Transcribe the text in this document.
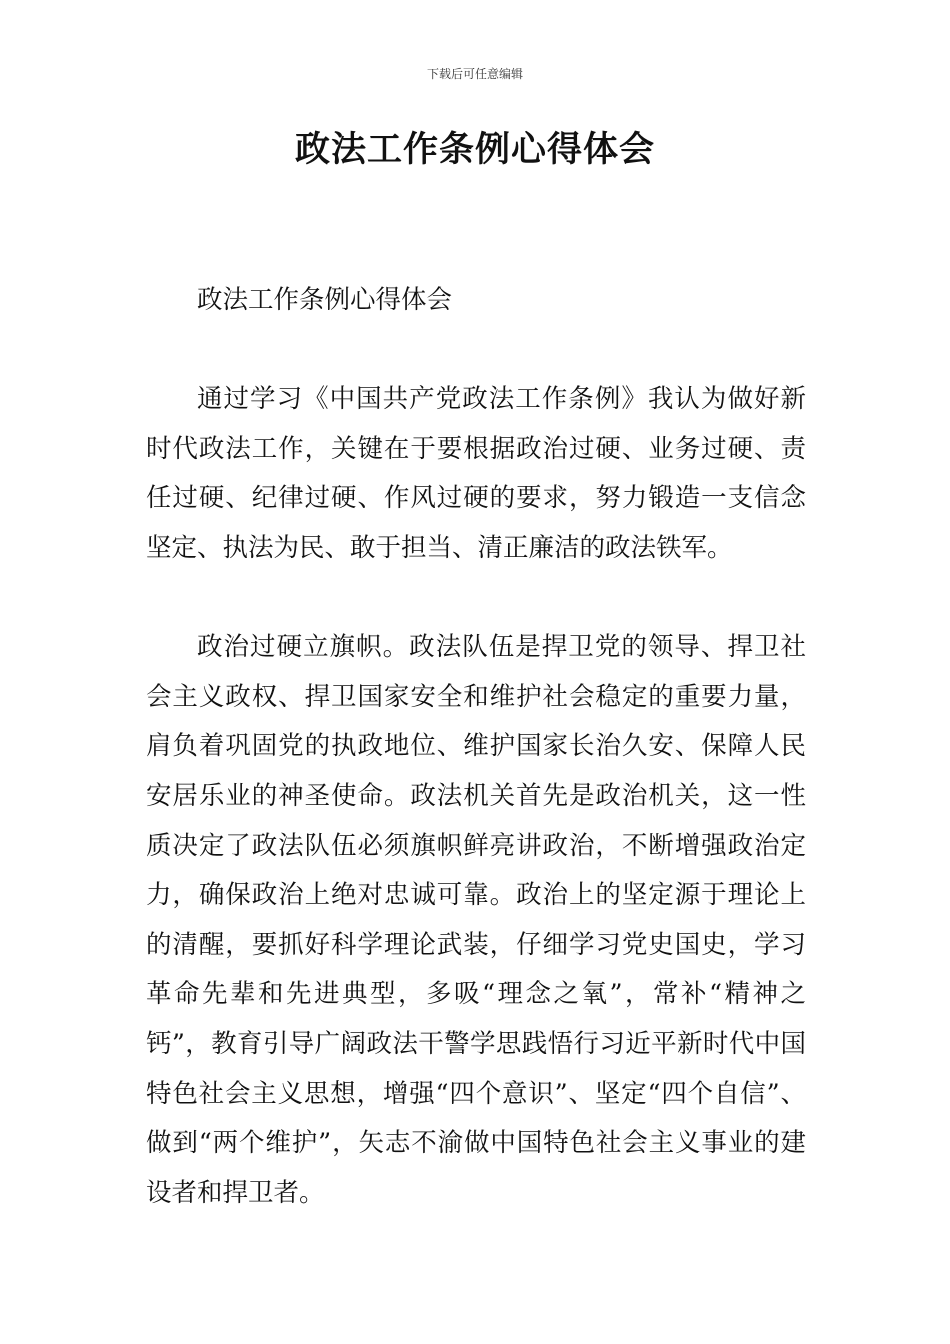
下载后可任意编辑
政法工作条例心得体会

政法工作条例心得体会

通过学习《中国共产党政法工作条例》我认为做好新时代政法工作，关键在于要根据政治过硬、业务过硬、责任过硬、纪律过硬、作风过硬的要求，努力锻造一支信念坚定、执法为民、敢于担当、清正廉洁的政法铁军。

政治过硬立旗帜。政法队伍是捍卫党的领导、捍卫社会主义政权、捍卫国家安全和维护社会稳定的重要力量，肩负着巩固党的执政地位、维护国家长治久安、保障人民安居乐业的神圣使命。政法机关首先是政治机关，这一性质决定了政法队伍必须旗帜鲜亮讲政治，不断增强政治定力，确保政治上绝对忠诚可靠。政治上的坚定源于理论上的清醒，要抓好科学理论武装，仔细学习党史国史，学习革命先辈和先进典型，多吸“理念之氧”，常补“精神之钙”，教育引导广阔政法干警学思践悟行习近平新时代中国特色社会主义思想，增强“四个意识”、坚定“四个自信”、做到“两个维护”，矢志不渝做中国特色社会主义事业的建设者和捍卫者。
